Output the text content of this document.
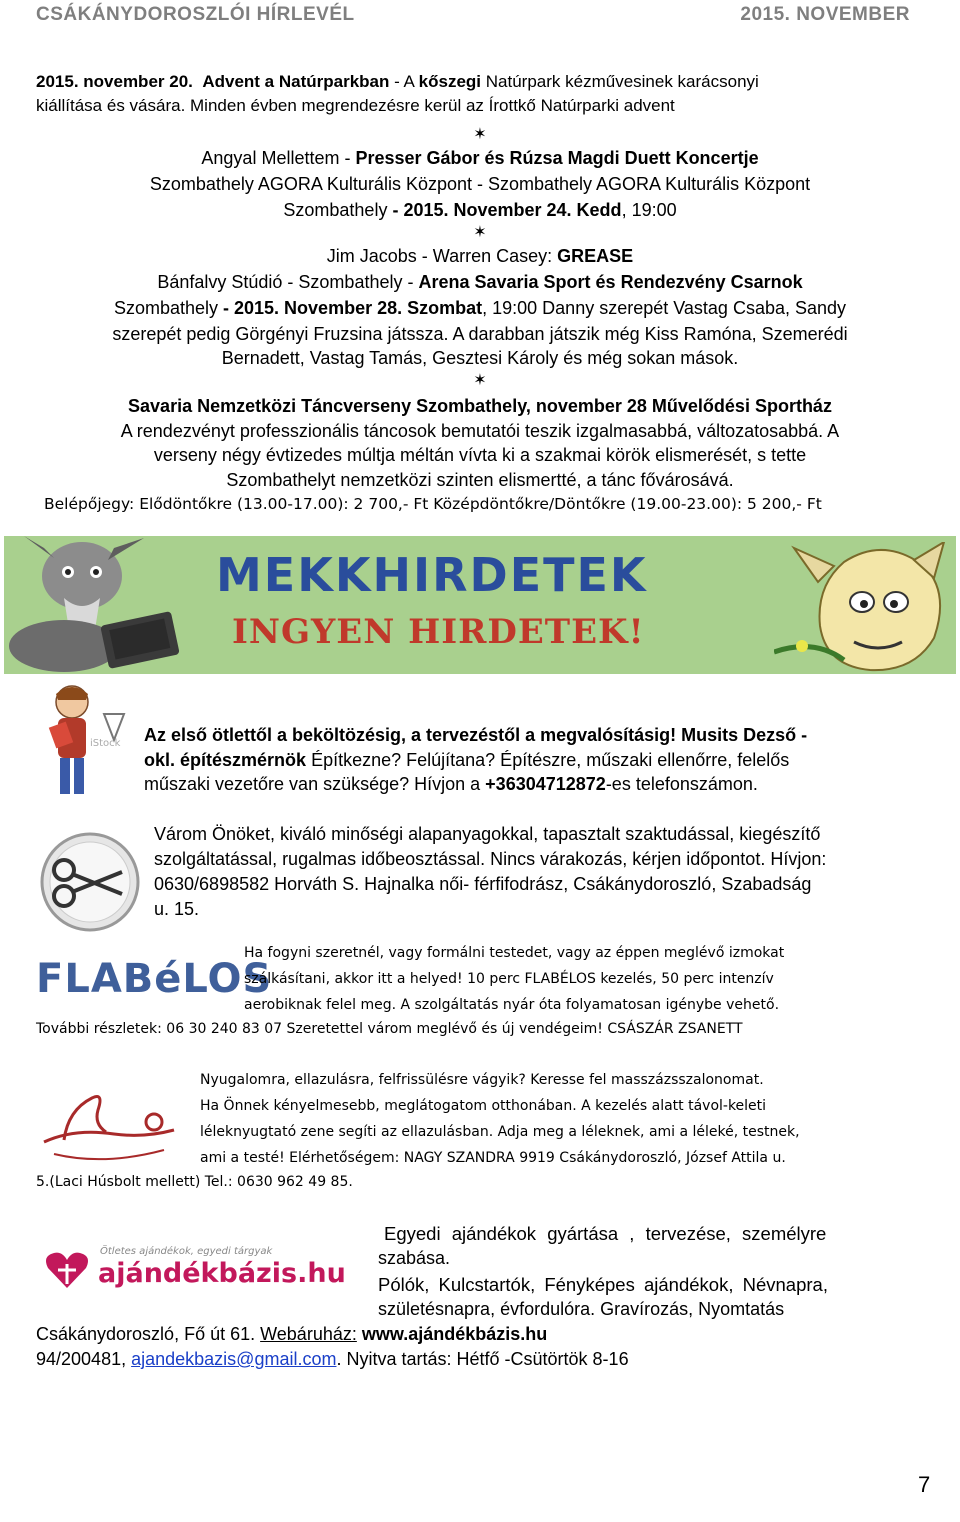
CSÁKÁNYDOROSZLÓI HÍRLEVÉL	2015. NOVEMBER
2015. november 20. Advent a Natúrparkban - A kőszegi Natúrpark kézművesinek karácsonyi
kiállítása és vására. Minden évben megrendezésre kerül az Írottkő Natúrparki advent
✶
Angyal Mellettem - Presser Gábor és Rúzsa Magdi Duett Koncertje
Szombathely AGORA Kulturális Központ - Szombathely AGORA Kulturális Központ
Szombathely - 2015. November 24. Kedd, 19:00
✶
Jim Jacobs - Warren Casey: GREASE
Bánfalvy Stúdió - Szombathely - Arena Savaria Sport és Rendezvény Csarnok
Szombathely - 2015. November 28. Szombat, 19:00 Danny szerepét Vastag Csaba, Sandy
szerepét pedig Görgényi Fruzsina játssza. A darabban játszik még Kiss Ramóna, Szemerédi
Bernadett, Vastag Tamás, Gesztesi Károly és még sokan mások.
✶
Savaria Nemzetközi Táncverseny Szombathely, november 28 Művelődési Sportház
A rendezvényt professzionális táncosok bemutatói teszik izgalmasabbá, változatosabbá. A
verseny négy évtizedes múltja méltán vívta ki a szakmai körök elismerését, s tette
Szombathelyt nemzetközi szinten elismertté, a tánc fővárosává.
Belépőjegy: Elődöntőkre (13.00-17.00): 2 700,- Ft Középdöntőkre/Döntőkre (19.00-23.00): 5 200,- Ft
MEKKHIRDETEK
INGYEN HIRDETEK!
iStock Az első ötlettől a beköltözésig, a tervezéstől a megvalósításig! Musits Dezső -
okl. építészmérnök Építkezne? Felújítana? Építészre, műszaki ellenőrre, felelős
műszaki vezetőre van szüksége? Hívjon a +36304712872-es telefonszámon.
Várom Önöket, kiváló minőségi alapanyagokkal, tapasztalt szaktudással, kiegészítő
szolgáltatással, rugalmas időbeosztással. Nincs várakozás, kérjen időpontot. Hívjon:
0630/6898582 Horváth S. Hajnalka női- férfifodrász, Csákánydoroszló, Szabadság
u. 15.
FLABéLOS
Ha fogyni szeretnél, vagy formálni testedet, vagy az éppen meglévő izmokat
szálkásítani, akkor itt a helyed! 10 perc FLABÉLOS kezelés, 50 perc intenzív
aerobiknak felel meg. A szolgáltatás nyár óta folyamatosan igénybe vehető.
További részletek: 06 30 240 83 07 Szeretettel várom meglévő és új vendégeim! CSÁSZÁR ZSANETT
Nyugalomra, ellazulásra, felfrissülésre vágyik? Keresse fel masszázsszalonomat.
Ha Önnek kényelmesebb, meglátogatom otthonában. A kezelés alatt távol-keleti
léleknyugtató zene segíti az ellazulásban. Adja meg a léleknek, ami a léleké, testnek,
ami a testé! Elérhetőségem: NAGY SZANDRA 9919 Csákánydoroszló, József Attila u.
5.(Laci Húsbolt mellett) Tel.: 0630 962 49 85.
Ötletes ajándékok, egyedi tárgyak
ajándékbázis.hu
Egyedi ajándékok gyártása , tervezése, személyre
szabása.
Pólók, Kulcstartók, Fényképes ajándékok, Névnapra,
születésnapra, évfordulóra. Gravírozás, Nyomtatás
Csákánydoroszló, Fő út 61. Webáruház: www.ajándékbázis.hu
94/200481, ajandekbazis@gmail.com. Nyitva tartás: Hétfő -Csütörtök 8-16
7
